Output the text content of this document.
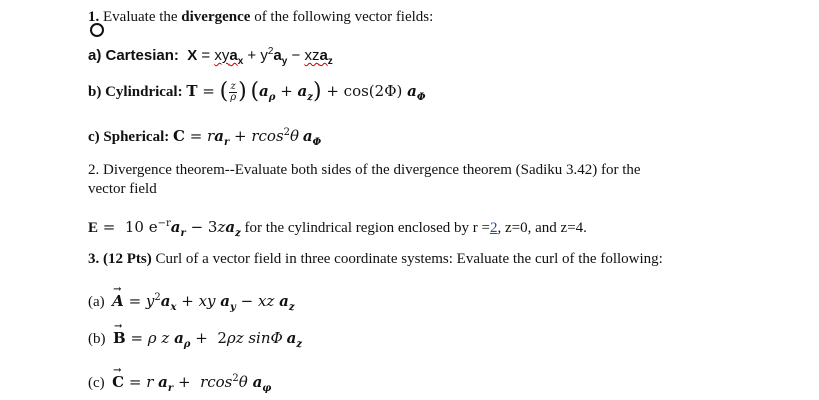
1. Evaluate the divergence of the following vector fields:
a) Cartesian:  $X = xya_x + y^2a_y - xza_z$
b) Cylindrical: T = ( $\frac{z}{\rho}$ ) $(a_\rho + a_z) + \cos(2\Phi)$ $a_\Phi$
c) Spherical: $C = ra_r + rcos^2\theta$ $a_\Phi$
2. Divergence theorem--Evaluate both sides of the divergence theorem (Sadiku 3.42) for the
vector field
E =  10 $e^{-r}a_r - 3za_z$ for the cylindrical region enclosed by r =2, z=0, and z=4.
3. (12 Pts) Curl of a vector field in three coordinate systems: Evaluate the curl of the following:
$(a) \to A = y^2a_x$ + xy $a_y$ − xz $a_z$
(b) → B = ρ z $a_\rho + 2\rho z$ sinΦ $a_z$
(c) → C = r $a_r + rcos^2\theta$ $a_\varphi$
